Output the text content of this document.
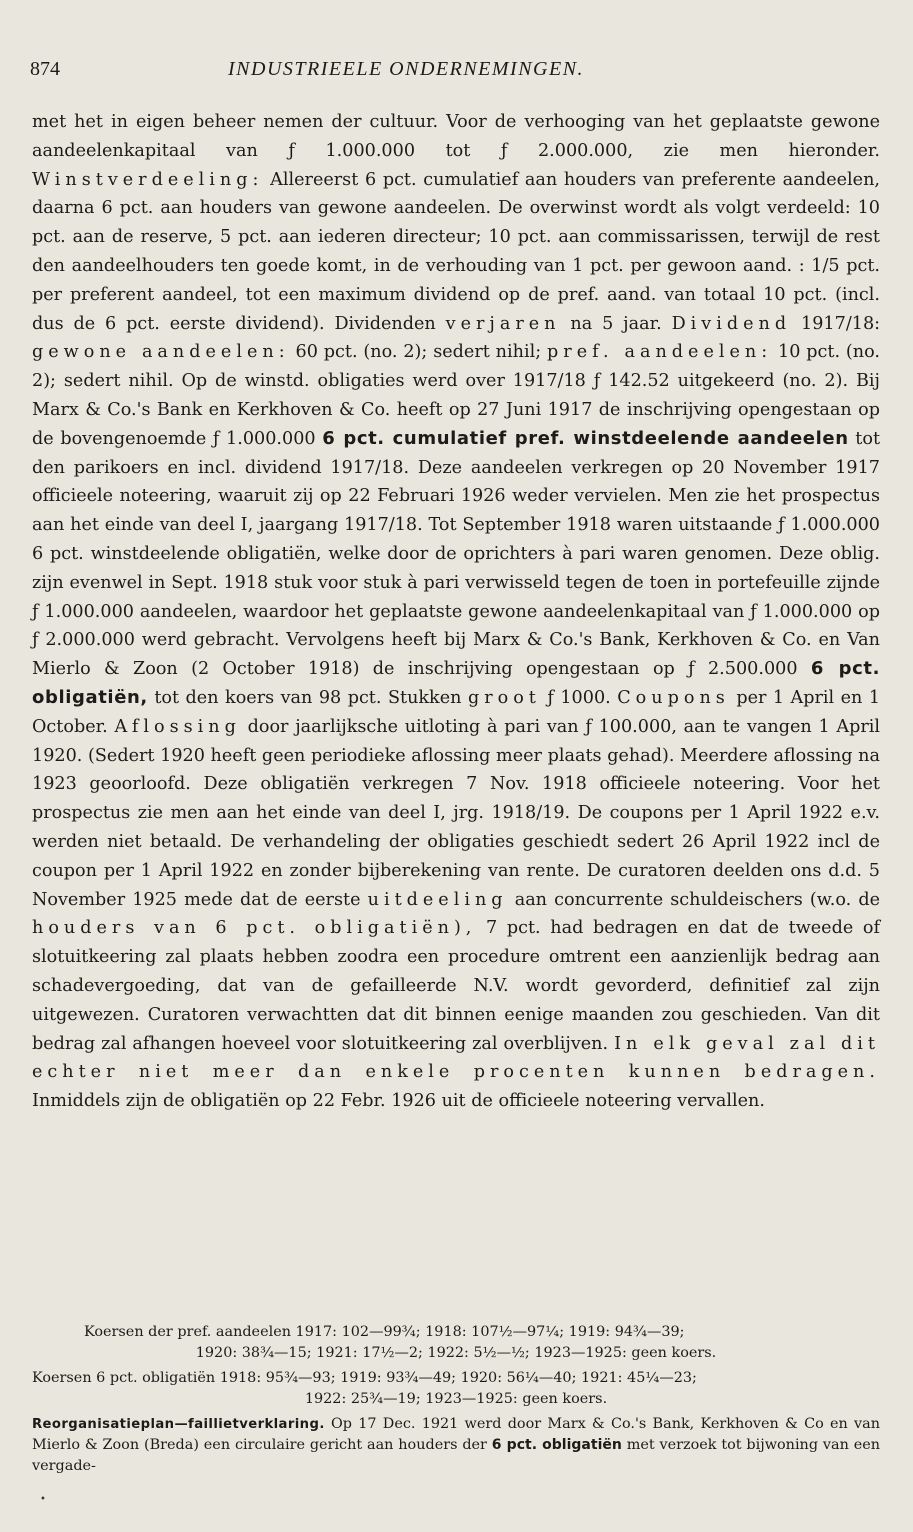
874	INDUSTRIEELE ONDERNEMINGEN.

met het in eigen beheer nemen der cultuur. Voor de verhooging van het geplaatste gewone aandeelenkapitaal van ƒ 1.000.000 tot ƒ 2.000.000, zie men hieronder. Winstverdeeling: Allereerst 6 pct. cumulatief aan houders van preferente aandeelen, daarna 6 pct. aan houders van gewone aandeelen. De overwinst wordt als volgt verdeeld: 10 pct. aan de reserve, 5 pct. aan iederen directeur; 10 pct. aan commissarissen, terwijl de rest den aandeelhouders ten goede komt, in de verhouding van 1 pct. per gewoon aand. : 1/5 pct. per preferent aandeel, tot een maximum dividend op de pref. aand. van totaal 10 pct. (incl. dus de 6 pct. eerste dividend). Dividenden verjaren na 5 jaar. Dividend 1917/18: gewone aandeelen: 60 pct. (no. 2); sedert nihil; pref. aandeelen: 10 pct. (no. 2); sedert nihil. Op de winstd. obligaties werd over 1917/18 ƒ 142.52 uitgekeerd (no. 2). Bij Marx & Co.'s Bank en Kerkhoven & Co. heeft op 27 Juni 1917 de inschrijving opengestaan op de bovengenoemde ƒ 1.000.000 6 pct. cumulatief pref. winstdeelende aandeelen tot den parikoers en incl. dividend 1917/18. Deze aandeelen verkregen op 20 November 1917 officieele noteering, waaruit zij op 22 Februari 1926 weder vervielen. Men zie het prospectus aan het einde van deel I, jaargang 1917/18. Tot September 1918 waren uitstaande ƒ 1.000.000 6 pct. winstdeelende obligatiën, welke door de oprichters à pari waren genomen. Deze oblig. zijn evenwel in Sept. 1918 stuk voor stuk à pari verwisseld tegen de toen in portefeuille zijnde ƒ 1.000.000 aandeelen, waardoor het geplaatste gewone aandeelenkapitaal van ƒ 1.000.000 op ƒ 2.000.000 werd gebracht. Vervolgens heeft bij Marx & Co.'s Bank, Kerkhoven & Co. en Van Mierlo & Zoon (2 October 1918) de inschrijving opengestaan op ƒ 2.500.000 6 pct. obligatiën, tot den koers van 98 pct. Stukken groot ƒ 1000. Coupons per 1 April en 1 October. Aflossing door jaarlijksche uitloting à pari van ƒ 100.000, aan te vangen 1 April 1920. (Sedert 1920 heeft geen periodieke aflossing meer plaats gehad). Meerdere aflossing na 1923 geoorloofd. Deze obligatiën verkregen 7 Nov. 1918 officieele noteering. Voor het prospectus zie men aan het einde van deel I, jrg. 1918/19. De coupons per 1 April 1922 e.v. werden niet betaald. De verhandeling der obligaties geschiedt sedert 26 April 1922 incl de coupon per 1 April 1922 en zonder bijberekening van rente. De curatoren deelden ons d.d. 5 November 1925 mede dat de eerste uitdeeling aan concurrente schuldeischers (w.o. de houders van 6 pct. obligatiën), 7 pct. had bedragen en dat de tweede of slotuitkeering zal plaats hebben zoodra een procedure omtrent een aanzienlijk bedrag aan schadevergoeding, dat van de gefailleerde N.V. wordt gevorderd, definitief zal zijn uitgewezen. Curatoren verwachtten dat dit binnen eenige maanden zou geschieden. Van dit bedrag zal afhangen hoeveel voor slotuitkeering zal overblijven. In elk geval zal dit echter niet meer dan enkele procenten kunnen bedragen. Inmiddels zijn de obligatiën op 22 Febr. 1926 uit de officieele noteering vervallen.

Koersen der pref. aandeelen 1917: 102—99¾; 1918: 107½—97¼; 1919: 94¾—39;
1920: 38¾—15; 1921: 17½—2; 1922: 5½—½; 1923—1925: geen koers.

Koersen 6 pct. obligatiën 1918: 95¾—93; 1919: 93¾—49; 1920: 56¼—40; 1921: 45¼—23;
1922: 25¾—19; 1923—1925: geen koers.

Reorganisatieplan—faillietverklaring. Op 17 Dec. 1921 werd door Marx & Co.'s Bank, Kerkhoven & Co en van Mierlo & Zoon (Breda) een circulaire gericht aan houders der 6 pct. obligatiën met verzoek tot bijwoning van een vergade-

•
